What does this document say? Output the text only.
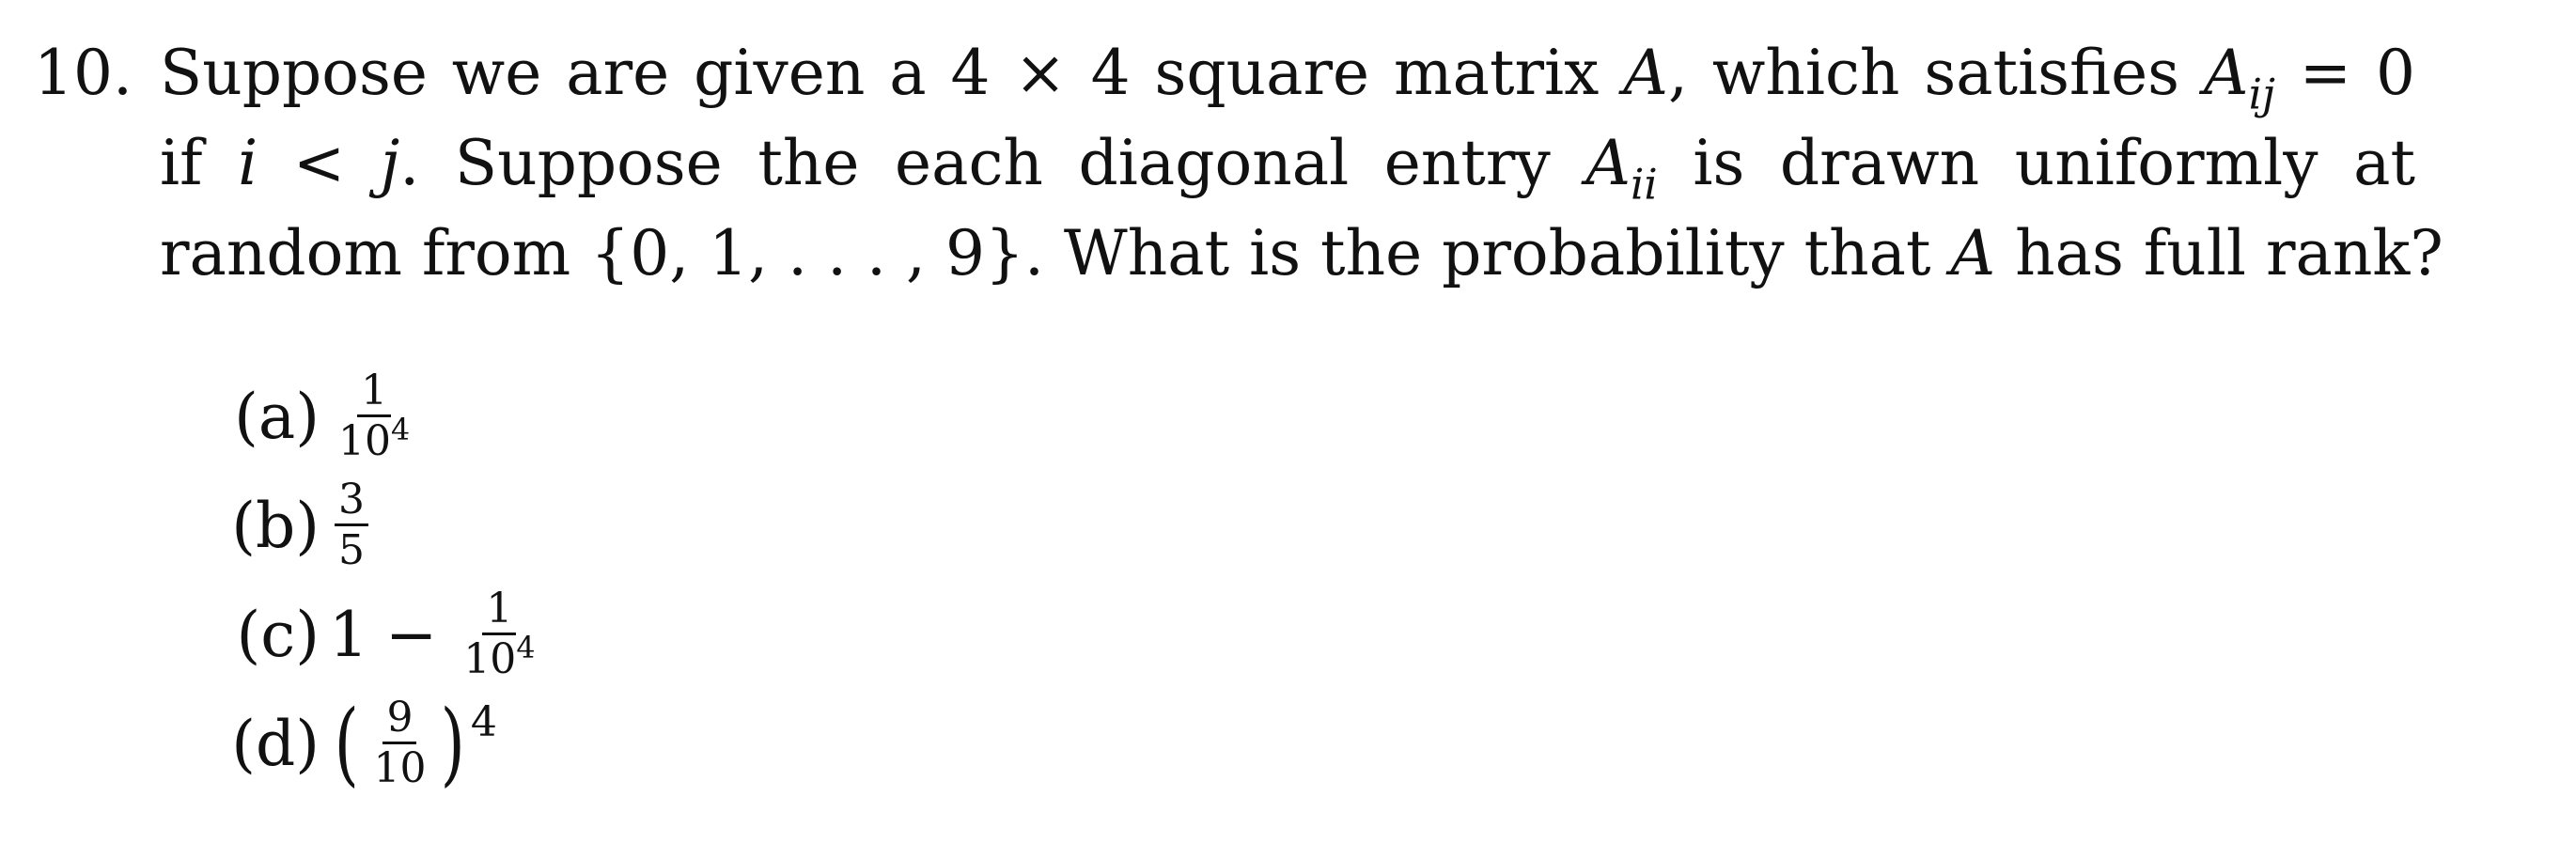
10. Suppose we are given a 4 × 4 square matrix A, which satisfies $A_{ij} = 0$
if i < j. Suppose the each diagonal entry $A_{ii}$ is drawn uniformly at
random from {0, 1, . . . , 9}. What is the probability that A has full rank?
$(a) \frac{1}{10^4}$
$(b) \frac{3}{5}$
(c) $1 - \frac{1}{10^4}$
(d) ( $\frac{9}{10}$ ) 4
